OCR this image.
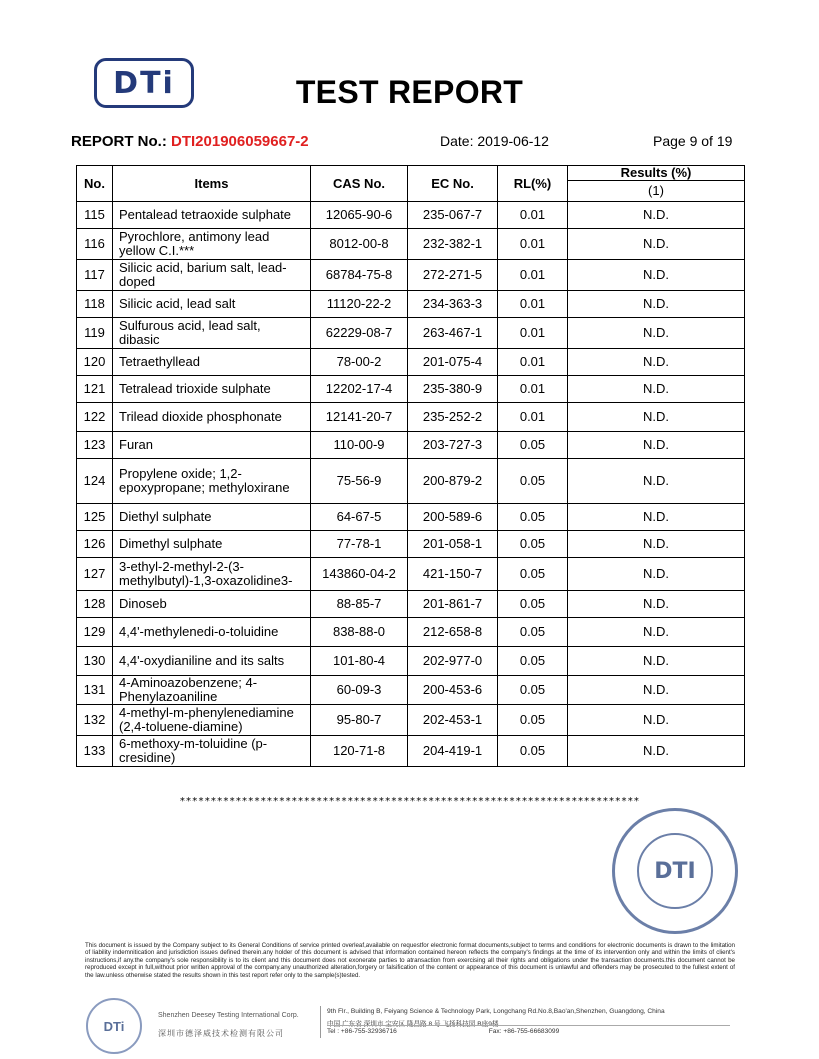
DTi	TEST REPORT
REPORT No.: DTI201906059667-2	Date: 2019-06-12	Page 9 of 19
No.	Items	CAS No.	EC No.	RL(%)	Results (%)
					(1)
115	Pentalead tetraoxide sulphate	12065-90-6	235-067-7	0.01	N.D.
116	Pyrochlore, antimony lead yellow C.I.***	8012-00-8	232-382-1	0.01	N.D.
117	Silicic acid, barium salt, lead-doped	68784-75-8	272-271-5	0.01	N.D.
118	Silicic acid, lead salt	11120-22-2	234-363-3	0.01	N.D.
119	Sulfurous acid, lead salt, dibasic	62229-08-7	263-467-1	0.01	N.D.
120	Tetraethyllead	78-00-2	201-075-4	0.01	N.D.
121	Tetralead trioxide sulphate	12202-17-4	235-380-9	0.01	N.D.
122	Trilead dioxide phosphonate	12141-20-7	235-252-2	0.01	N.D.
123	Furan	110-00-9	203-727-3	0.05	N.D.
124	Propylene oxide; 1,2-epoxypropane; methyloxirane	75-56-9	200-879-2	0.05	N.D.
125	Diethyl sulphate	64-67-5	200-589-6	0.05	N.D.
126	Dimethyl sulphate	77-78-1	201-058-1	0.05	N.D.
127	3-ethyl-2-methyl-2-(3-methylbutyl)-1,3-oxazolidine3-	143860-04-2	421-150-7	0.05	N.D.
128	Dinoseb	88-85-7	201-861-7	0.05	N.D.
129	4,4'-methylenedi-o-toluidine	838-88-0	212-658-8	0.05	N.D.
130	4,4'-oxydianiline and its salts	101-80-4	202-977-0	0.05	N.D.
131	4-Aminoazobenzene; 4-Phenylazoaniline	60-09-3	200-453-6	0.05	N.D.
132	4-methyl-m-phenylenediamine (2,4-toluene-diamine)	95-80-7	202-453-1	0.05	N.D.
133	6-methoxy-m-toluidine (p-cresidine)	120-71-8	204-419-1	0.05	N.D.
**************************************************************************
DTI
This document is issued by the Company subject to its General Conditions of service printed overleaf,available on requestfor electronic format documents,subject to terms and conditions for electronic documents is drawn to the limitation of liability indemnitication and jurisdiction issues defined therein.any holder of this document is advised that information contained hereon reflects the company's findings at the time of its intervention only and within the limits of client's instructions,if any.the company's sole responsibility is to its client and this document does not exonerate parties to atransaction from exercising all their rights and obligations under the transaction documents.this document cannot be reproduced except in full,without prior written approval of the company.any unauthorized alteration,forgery or falsification of the content or appearance of this document is unlawful and offenders may be prosecuted to the fullest extent of the law.unless otherwise stated the results shown in this test report refer only to the sample(s)tested.
DTi
Shenzhen Deesey Testing International Corp.
深圳市德泽威技术检测有限公司
9th Flr., Building B, Feiyang Science & Technology Park, Longchang Rd.No.8,Bao'an,Shenzhen, Guangdong, China
Tel : +86-755-32936716	Fax: +86-755-66683099
